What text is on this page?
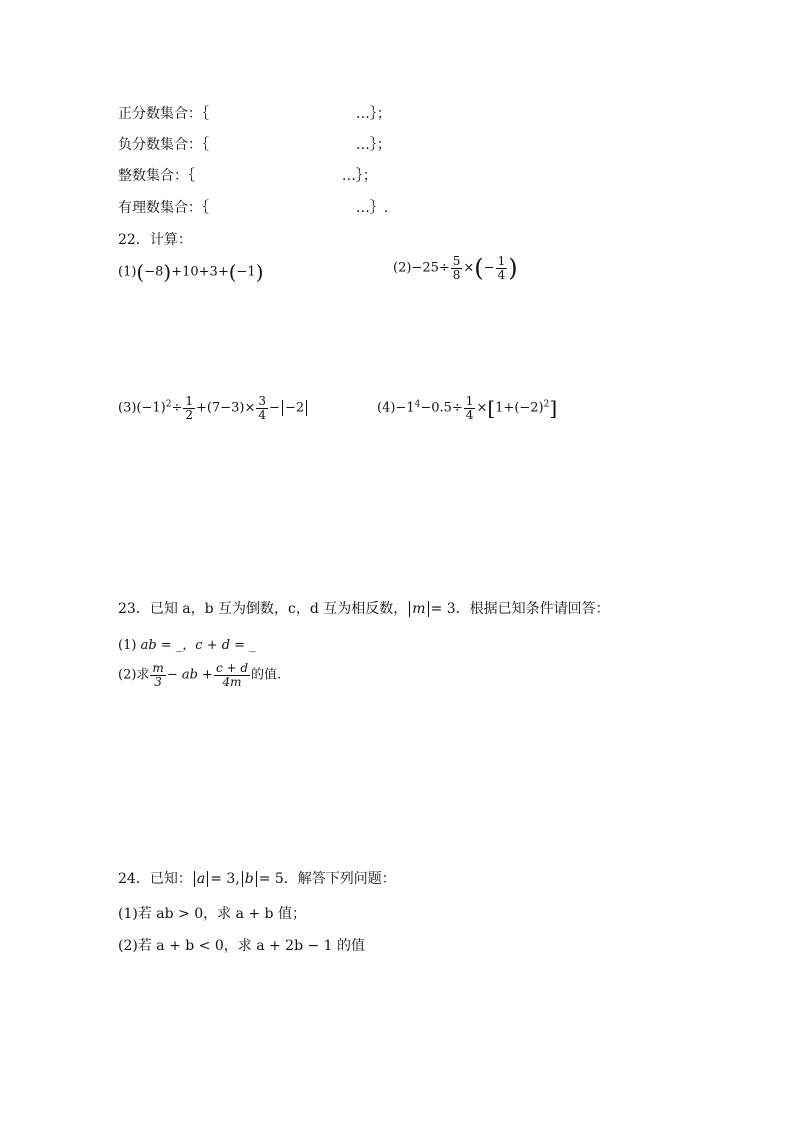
正分数集合：｛	…｝；
负分数集合：｛	…｝；
整数集合：｛	…｝；
有理数集合：｛	…｝.
22．计算：
(1)(−8)+10+3+(−1)	$(2)-25\div \frac{5}{8}$ ×(− $\frac{1}{4}$ )
$(3)(-1)^2\div \frac{1}{2} +(7-3)\times \frac{3}{4} - -2$	$(4)-1^4-0.5\div \frac{1}{4} \times[1+(-2)^2]$
23．已知 a，b 互为倒数，c，d 互为相反数， m = 3．根据已知条件请回答：
(1) ab = _，c + d = _
(2)求 $\frac{m}{3}$ − ab + $\frac{c + d}{4m}$ 的值.
24．已知： a = 3, b = 5．解答下列问题：
(1)若 ab > 0，求 a + b 值；
(2)若 a + b < 0，求 a + 2b − 1 的值
